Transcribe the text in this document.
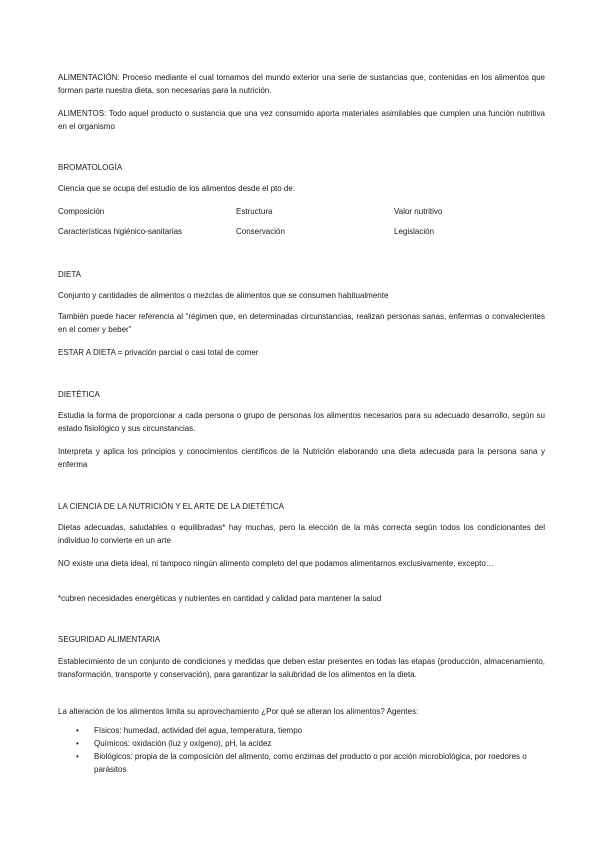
ALIMENTACIÓN: Proceso mediante el cual tomamos del mundo exterior una serie de sustancias que, contenidas en los alimentos que forman parte nuestra dieta, son necesarias para la nutrición.

ALIMENTOS: Todo aquel producto o sustancia que una vez consumido aporta materiales asimilables que cumplen una función nutritiva en el organismo

BROMATOLOGÍA

Ciencia que se ocupa del estudio de los alimentos desde el pto de:

Composición	Estructura	Valor nutritivo
Características higiénico-sanitarias	Conservación	Legislación

DIETA

Conjunto y cantidades de alimentos o mezclas de alimentos que se consumen habitualmente

También puede hacer referencia al “régimen que, en determinadas circunstancias, realizan personas sanas, enfermas o convalecientes en el comer y beber”

ESTAR A DIETA = privación parcial o casi total de comer

DIETÉTICA

Estudia la forma de proporcionar a cada persona o grupo de personas los alimentos necesarios para su adecuado desarrollo, según su estado fisiológico y sus circunstancias.

Interpreta y aplica los principios y conocimientos científicos de la Nutrición elaborando una dieta adecuada para la persona sana y enferma

LA CIENCIA DE LA NUTRICIÓN Y EL ARTE DE LA DIETÉTICA

Dietas adecuadas, saludables o equilibradas* hay muchas, pero la elección de la más correcta según todos los condicionantes del individuo lo convierte en un arte

NO existe una dieta ideal, ni tampoco ningún alimento completo del que podamos alimentarnos exclusivamente, excepto…

*cubren necesidades energéticas y nutrientes en cantidad y calidad para mantener la salud

SEGURIDAD ALIMENTARIA

Establecimiento de un conjunto de condiciones y medidas que deben estar presentes en todas las etapas (producción, almacenamiento, transformación, transporte y conservación), para garantizar la salubridad de los alimentos en la dieta.

La alteración de los alimentos limita su aprovechamiento ¿Por qué se alteran los alimentos? Agentes:

• Físicos: humedad, actividad del agua, temperatura, tiempo
• Químicos: oxidación (luz y oxígeno), pH, la acidez
• Biológicos: propia de la composición del alimento, como enzimas del producto o por acción microbiológica, por roedores o parásitos
